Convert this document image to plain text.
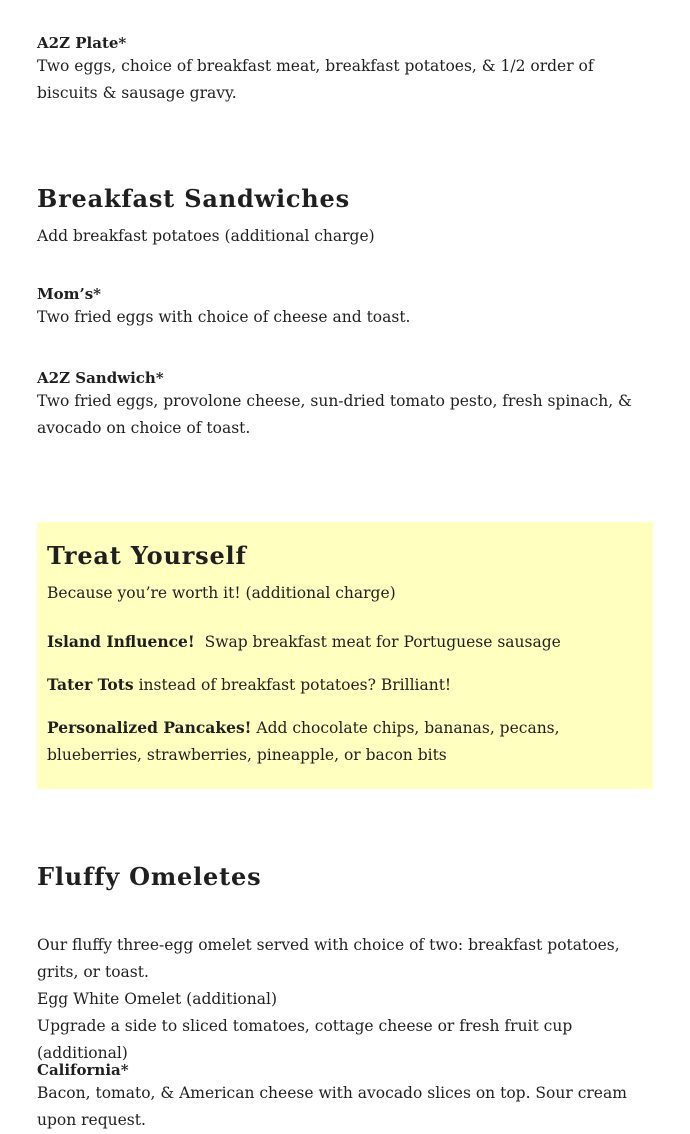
A2Z Plate*

Two eggs, choice of breakfast meat, breakfast potatoes, & 1/2 order of biscuits & sausage gravy.

Breakfast Sandwiches

Add breakfast potatoes (additional charge)

Mom’s*

Two fried eggs with choice of cheese and toast.

A2Z Sandwich*

Two fried eggs, provolone cheese, sun-dried tomato pesto, fresh spinach, & avocado on choice of toast.

Fluffy Omeletes

Our fluffy three-egg omelet served with choice of two: breakfast potatoes, grits, or toast.

Egg White Omelet (additional)

Upgrade a side to sliced tomatoes, cottage cheese or fresh fruit cup (additional)

California*

Bacon, tomato, & American cheese with avocado slices on top. Sour cream upon request.

Treat Yourself

Because you’re worth it! (additional charge)

Island Influence!  Swap breakfast meat for Portuguese sausage

Tater Tots instead of breakfast potatoes? Brilliant!

Personalized Pancakes! Add chocolate chips, bananas, pecans, blueberries, strawberries, pineapple, or bacon bits
